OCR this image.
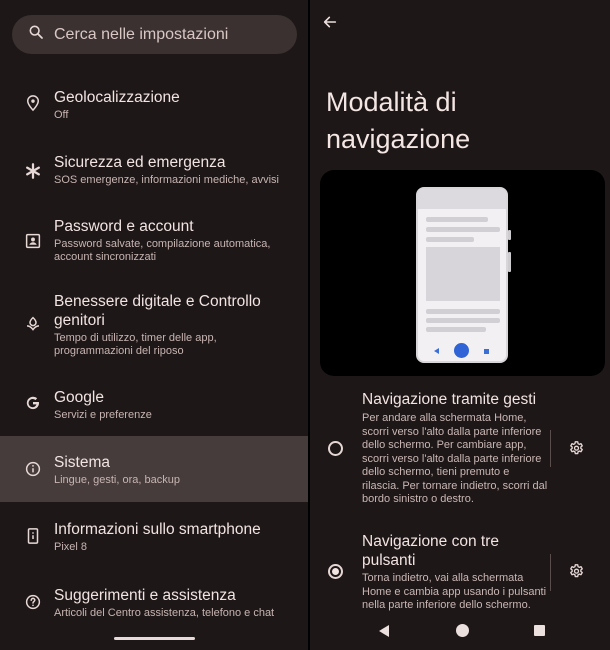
Cerca nelle impostazioni
Geolocalizzazione
Off
Sicurezza ed emergenza
SOS emergenze, informazioni mediche, avvisi
Password e account
Password salvate, compilazione automatica, account sincronizzati
Benessere digitale e Controllo genitori
Tempo di utilizzo, timer delle app, programmazioni del riposo
Google
Servizi e preferenze
Sistema
Lingue, gesti, ora, backup
Informazioni sullo smartphone
Pixel 8
Suggerimenti e assistenza
Articoli del Centro assistenza, telefono e chat
Modalità di navigazione
Navigazione tramite gesti
Per andare alla schermata Home, scorri verso l'alto dalla parte inferiore dello schermo. Per cambiare app, scorri verso l'alto dalla parte inferiore dello schermo, tieni premuto e rilascia. Per tornare indietro, scorri dal bordo sinistro o destro.
Navigazione con tre pulsanti
Torna indietro, vai alla schermata Home e cambia app usando i pulsanti nella parte inferiore dello schermo.
